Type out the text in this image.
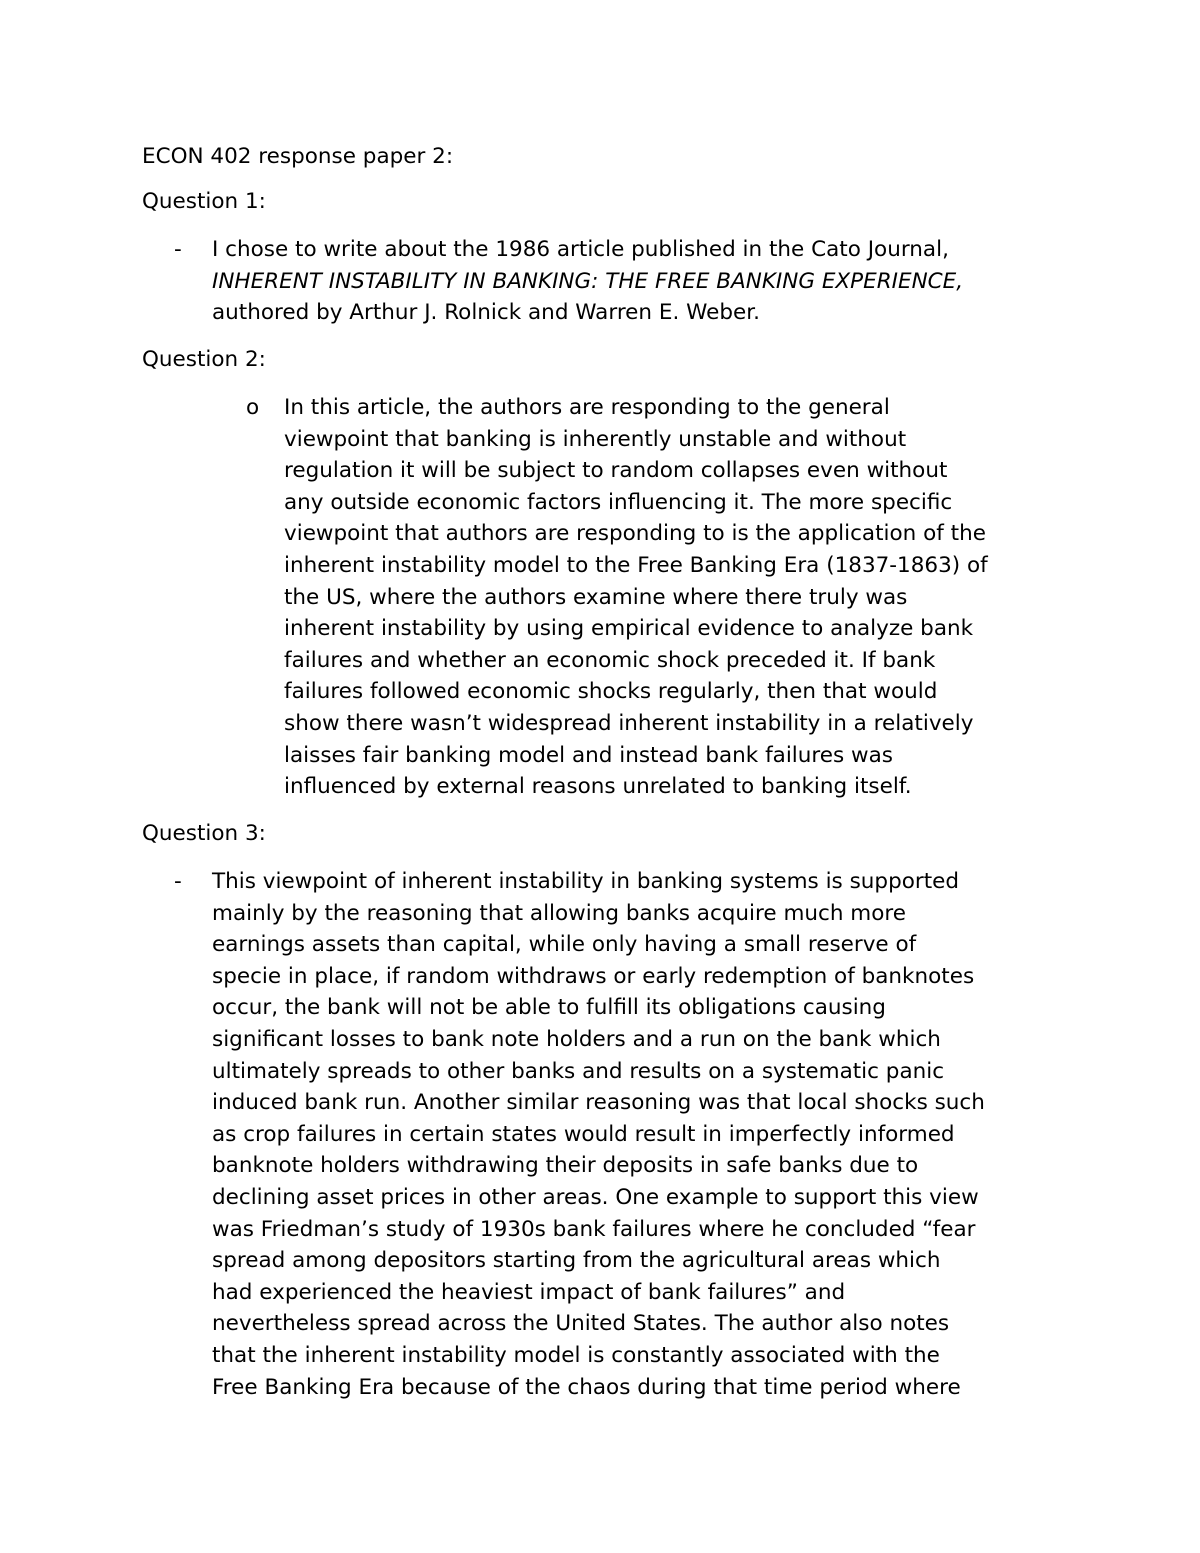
ECON 402 response paper 2:

Question 1:

- I chose to write about the 1986 article published in the Cato Journal,
INHERENT INSTABILITY IN BANKING: THE FREE BANKING EXPERIENCE,
authored by Arthur J. Rolnick and Warren E. Weber.

Question 2:

o In this article, the authors are responding to the general
viewpoint that banking is inherently unstable and without
regulation it will be subject to random collapses even without
any outside economic factors influencing it. The more specific
viewpoint that authors are responding to is the application of the
inherent instability model to the Free Banking Era (1837-1863) of
the US, where the authors examine where there truly was
inherent instability by using empirical evidence to analyze bank
failures and whether an economic shock preceded it. If bank
failures followed economic shocks regularly, then that would
show there wasn’t widespread inherent instability in a relatively
laisses fair banking model and instead bank failures was
influenced by external reasons unrelated to banking itself.

Question 3:

- This viewpoint of inherent instability in banking systems is supported
mainly by the reasoning that allowing banks acquire much more
earnings assets than capital, while only having a small reserve of
specie in place, if random withdraws or early redemption of banknotes
occur, the bank will not be able to fulfill its obligations causing
significant losses to bank note holders and a run on the bank which
ultimately spreads to other banks and results on a systematic panic
induced bank run. Another similar reasoning was that local shocks such
as crop failures in certain states would result in imperfectly informed
banknote holders withdrawing their deposits in safe banks due to
declining asset prices in other areas. One example to support this view
was Friedman’s study of 1930s bank failures where he concluded “fear
spread among depositors starting from the agricultural areas which
had experienced the heaviest impact of bank failures” and
nevertheless spread across the United States. The author also notes
that the inherent instability model is constantly associated with the
Free Banking Era because of the chaos during that time period where
